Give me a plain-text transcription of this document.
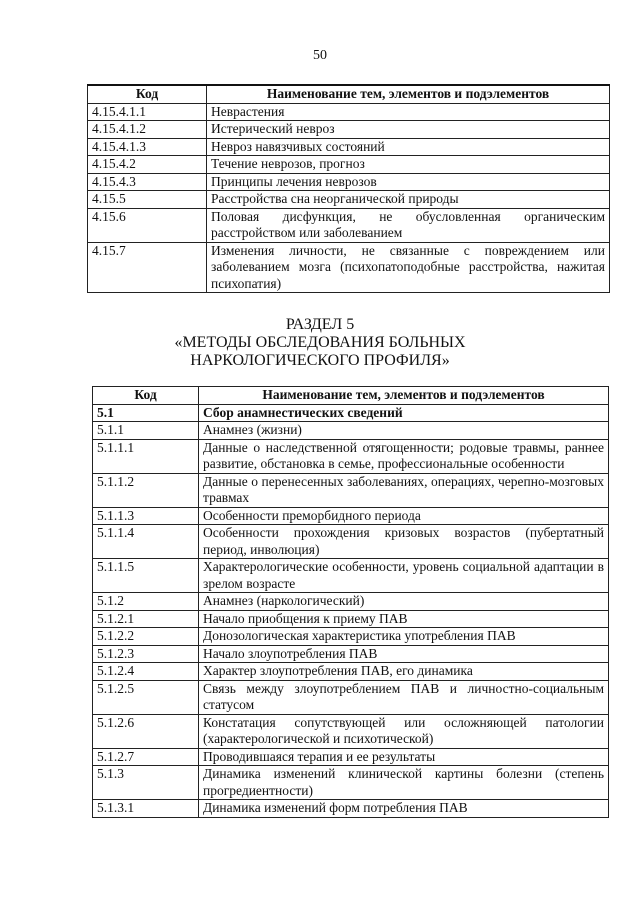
50
Код	Наименование тем, элементов и подэлементов
4.15.4.1.1	Неврастения
4.15.4.1.2	Истерический невроз
4.15.4.1.3	Невроз навязчивых состояний
4.15.4.2	Течение неврозов, прогноз
4.15.4.3	Принципы лечения неврозов
4.15.5	Расстройства сна неорганической природы
4.15.6	Половая дисфункция, не обусловленная органическим расстройством или заболеванием
4.15.7	Изменения личности, не связанные с повреждением или заболеванием мозга (психопатоподобные расстройства, нажитая психопатия)
РАЗДЕЛ 5
«МЕТОДЫ ОБСЛЕДОВАНИЯ БОЛЬНЫХ
НАРКОЛОГИЧЕСКОГО ПРОФИЛЯ»
Код	Наименование тем, элементов и подэлементов
5.1	Сбор анамнестических сведений
5.1.1	Анамнез (жизни)
5.1.1.1	Данные о наследственной отягощенности; родовые травмы, раннее развитие, обстановка в семье, профессиональные особенности
5.1.1.2	Данные о перенесенных заболеваниях, операциях, черепно-мозговых травмах
5.1.1.3	Особенности преморбидного периода
5.1.1.4	Особенности прохождения кризовых возрастов (пубертатный период, инволюция)
5.1.1.5	Характерологические особенности, уровень социальной адаптации в зрелом возрасте
5.1.2	Анамнез (наркологический)
5.1.2.1	Начало приобщения к приему ПАВ
5.1.2.2	Донозологическая характеристика употребления ПАВ
5.1.2.3	Начало злоупотребления ПАВ
5.1.2.4	Характер злоупотребления ПАВ, его динамика
5.1.2.5	Связь между злоупотреблением ПАВ и личностно-социальным статусом
5.1.2.6	Констатация сопутствующей или осложняющей патологии (характерологической и психотической)
5.1.2.7	Проводившаяся терапия и ее результаты
5.1.3	Динамика изменений клинической картины болезни (степень прогредиентности)
5.1.3.1	Динамика изменений форм потребления ПАВ
